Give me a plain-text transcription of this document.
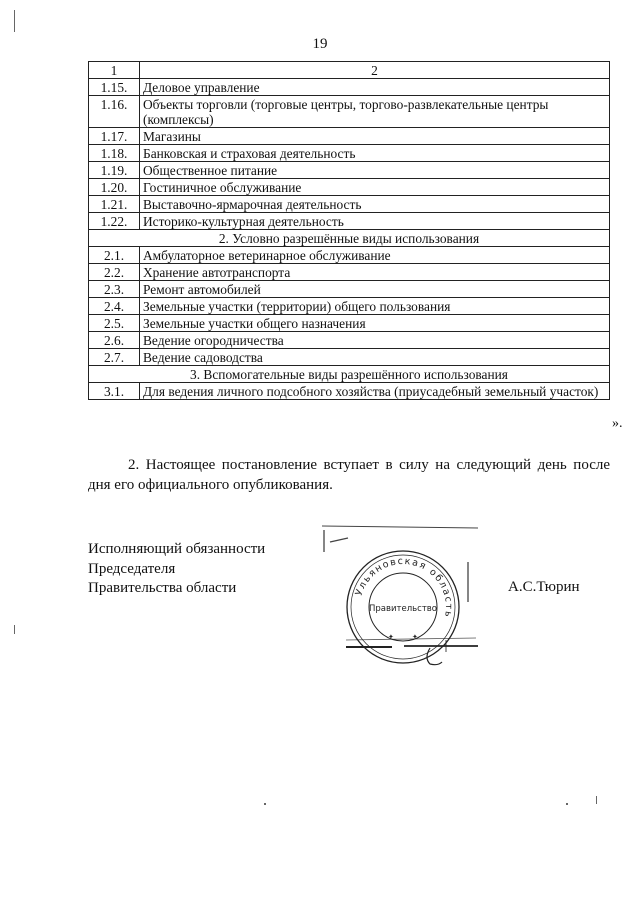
19
1	2
1.15.	Деловое управление
1.16.	Объекты торговли (торговые центры, торгово-развлекательные центры (комплексы)
1.17.	Магазины
1.18.	Банковская и страховая деятельность
1.19.	Общественное питание
1.20.	Гостиничное обслуживание
1.21.	Выставочно-ярмарочная деятельность
1.22.	Историко-культурная деятельность
2. Условно разрешённые виды использования	
2.1.	Амбулаторное ветеринарное обслуживание
2.2.	Хранение автотранспорта
2.3.	Ремонт автомобилей
2.4.	Земельные участки (территории) общего пользования
2.5.	Земельные участки общего назначения
2.6.	Ведение огородничества
2.7.	Ведение садоводства
3. Вспомогательные виды разрешённого использования	
3.1.	Для ведения личного подсобного хозяйства (приусадебный земельный участок)
».
2. Настоящее постановление вступает в силу на следующий день после дня его официального опубликования.
Исполняющий обязанности
Председателя
Правительства области	Ульяновская область
Правительство
✦	✦
А.С.Тюрин
